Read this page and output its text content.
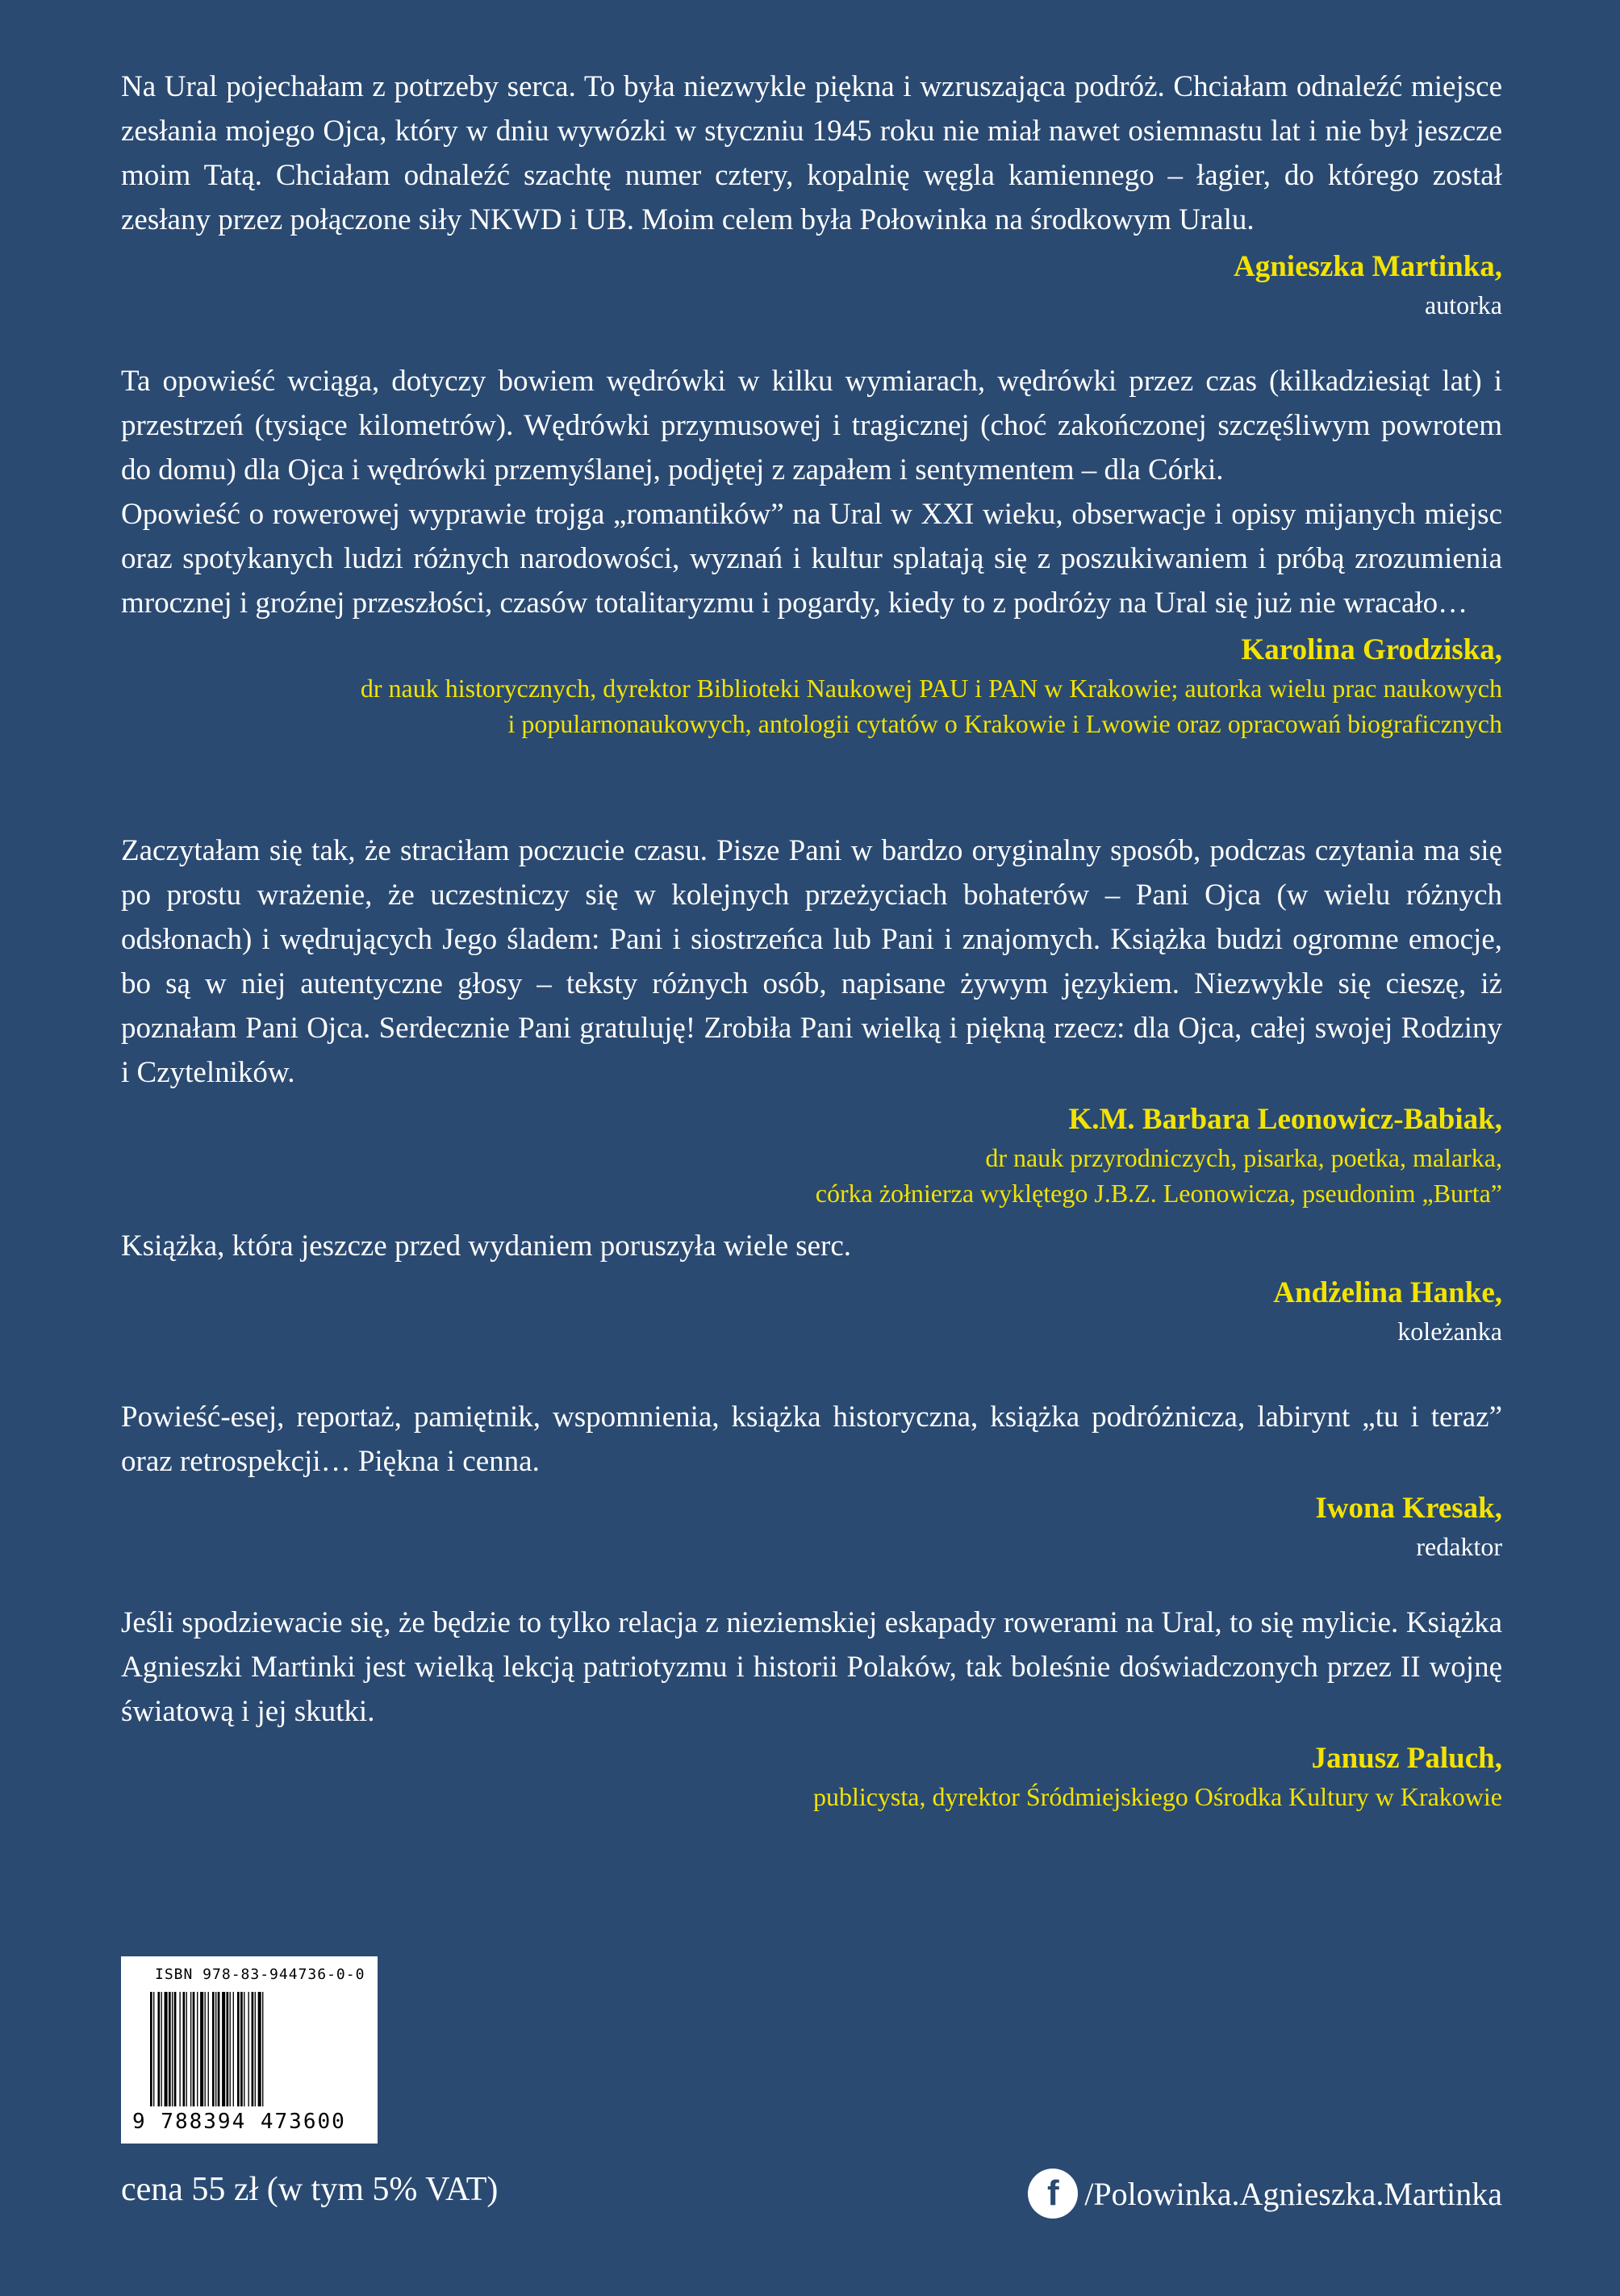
Na Ural pojechałam z potrzeby serca. To była niezwykle piękna i wzruszająca podróż. Chciałam odnaleźć miejsce zesłania mojego Ojca, który w dniu wywózki w styczniu 1945 roku nie miał nawet osiemnastu lat i nie był jeszcze moim Tatą. Chciałam odnaleźć szachtę numer cztery, kopalnię węgla kamiennego – łagier, do którego został zesłany przez połączone siły NKWD i UB. Moim celem była Połowinka na środkowym Uralu.

Agnieszka Martinka,
autorka

Ta opowieść wciąga, dotyczy bowiem wędrówki w kilku wymiarach, wędrówki przez czas (kilkadziesiąt lat) i przestrzeń (tysiące kilometrów). Wędrówki przymusowej i tragicznej (choć zakończonej szczęśliwym powrotem do domu) dla Ojca i wędrówki przemyślanej, podjętej z zapałem i sentymentem – dla Córki.

Opowieść o rowerowej wyprawie trojga „romantików” na Ural w XXI wieku, obserwacje i opisy mijanych miejsc oraz spotykanych ludzi różnych narodowości, wyznań i kultur splatają się z poszukiwaniem i próbą zrozumienia mrocznej i groźnej przeszłości, czasów totalitaryzmu i pogardy, kiedy to z podróży na Ural się już nie wracało…

Karolina Grodziska,
dr nauk historycznych, dyrektor Biblioteki Naukowej PAU i PAN w Krakowie; autorka wielu prac naukowych
i popularnonaukowych, antologii cytatów o Krakowie i Lwowie oraz opracowań biograficznych

Zaczytałam się tak, że straciłam poczucie czasu. Pisze Pani w bardzo oryginalny sposób, podczas czytania ma się po prostu wrażenie, że uczestniczy się w kolejnych przeżyciach bohaterów – Pani Ojca (w wielu różnych odsłonach) i wędrujących Jego śladem: Pani i siostrzeńca lub Pani i znajomych. Książka budzi ogromne emocje, bo są w niej autentyczne głosy – teksty różnych osób, napisane żywym językiem. Niezwykle się cieszę, iż poznałam Pani Ojca. Serdecznie Pani gratuluję! Zrobiła Pani wielką i piękną rzecz: dla Ojca, całej swojej Rodziny i Czytelników.

K.M. Barbara Leonowicz-Babiak,
dr nauk przyrodniczych, pisarka, poetka, malarka,
córka żołnierza wyklętego J.B.Z. Leonowicza, pseudonim „Burta”

Książka, która jeszcze przed wydaniem poruszyła wiele serc.

Andżelina Hanke,
koleżanka

Powieść-esej, reportaż, pamiętnik, wspomnienia, książka historyczna, książka podróżnicza, labirynt „tu i teraz” oraz retrospekcji… Piękna i cenna.

Iwona Kresak,
redaktor

Jeśli spodziewacie się, że będzie to tylko relacja z nieziemskiej eskapady rowerami na Ural, to się mylicie. Książka Agnieszki Martinki jest wielką lekcją patriotyzmu i historii Polaków, tak boleśnie doświadczonych przez II wojnę światową i jej skutki.

Janusz Paluch,
publicysta, dyrektor Śródmiejskiego Ośrodka Kultury w Krakowie
ISBN 978-83-944736-0-0
9 788394 473600
cena 55 zł (w tym 5% VAT)	f /Polowinka.Agnieszka.Martinka
